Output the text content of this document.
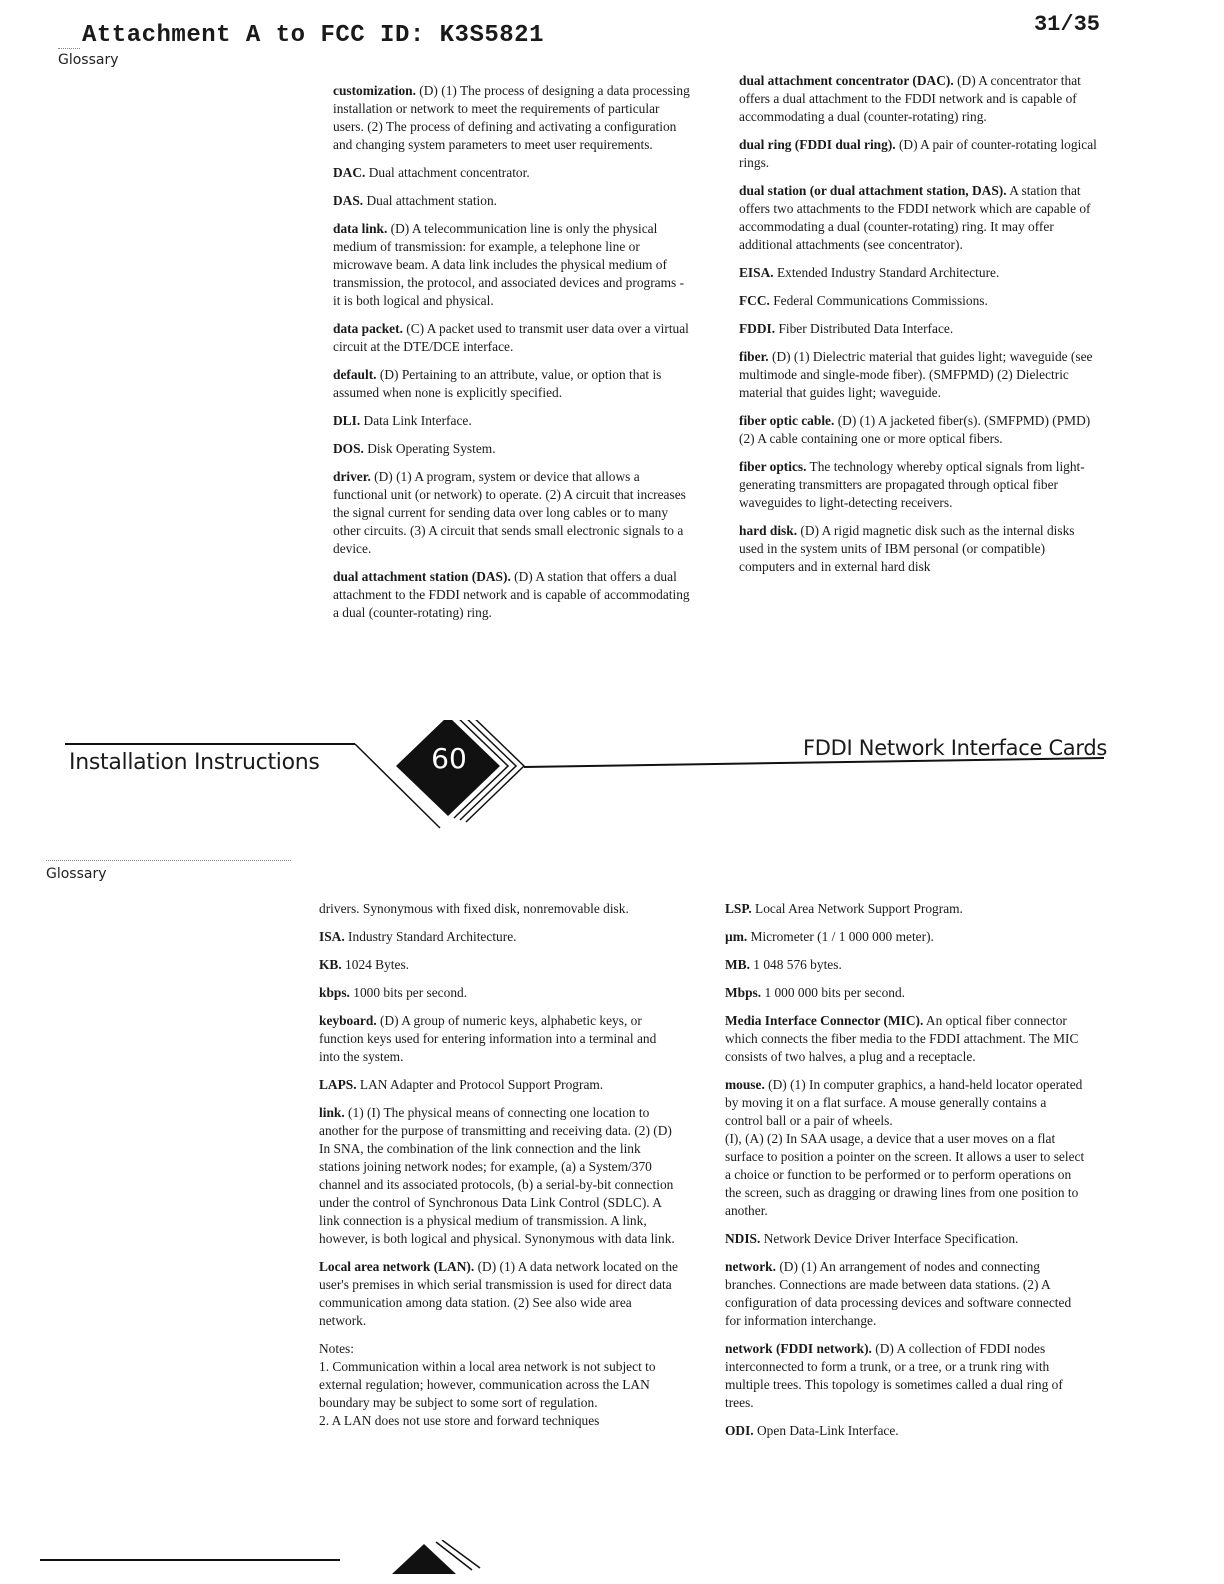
Attachment A to FCC ID: K3S5821	31/35
Glossary

customization. (D) (1) The process of designing a data processing installation or network to meet the requirements of particular users. (2) The process of defining and activating a configuration and changing system parameters to meet user requirements.

DAC. Dual attachment concentrator.

DAS. Dual attachment station.

data link. (D) A telecommunication line is only the physical medium of transmission: for example, a telephone line or microwave beam. A data link includes the physical medium of transmission, the protocol, and associated devices and programs - it is both logical and physical.

data packet. (C) A packet used to transmit user data over a virtual circuit at the DTE/DCE interface.

default. (D) Pertaining to an attribute, value, or option that is assumed when none is explicitly specified.

DLI. Data Link Interface.

DOS. Disk Operating System.

driver. (D) (1) A program, system or device that allows a functional unit (or network) to operate. (2) A circuit that increases the signal current for sending data over long cables or to many other circuits. (3) A circuit that sends small electronic signals to a device.

dual attachment station (DAS). (D) A station that offers a dual attachment to the FDDI network and is capable of accommodating a dual (counter-rotating) ring.

dual attachment concentrator (DAC). (D) A concentrator that offers a dual attachment to the FDDI network and is capable of accommodating a dual (counter-rotating) ring.

dual ring (FDDI dual ring). (D) A pair of counter-rotating logical rings.

dual station (or dual attachment station, DAS). A station that offers two attachments to the FDDI network which are capable of accommodating a dual (counter-rotating) ring. It may offer additional attachments (see concentrator).

EISA. Extended Industry Standard Architecture.

FCC. Federal Communications Commissions.

FDDI. Fiber Distributed Data Interface.

fiber. (D) (1) Dielectric material that guides light; waveguide (see multimode and single-mode fiber). (SMFPMD) (2) Dielectric material that guides light; waveguide.

fiber optic cable. (D) (1) A jacketed fiber(s). (SMFPMD) (PMD) (2) A cable containing one or more optical fibers.

fiber optics. The technology whereby optical signals from light-generating transmitters are propagated through optical fiber waveguides to light-detecting receivers.

hard disk. (D) A rigid magnetic disk such as the internal disks used in the system units of IBM personal (or compatible) computers and in external hard disk

60
Installation Instructions
FDDI Network Interface Cards
Glossary

drivers. Synonymous with fixed disk, nonremovable disk.

ISA. Industry Standard Architecture.

KB. 1024 Bytes.

kbps. 1000 bits per second.

keyboard. (D) A group of numeric keys, alphabetic keys, or function keys used for entering information into a terminal and into the system.

LAPS. LAN Adapter and Protocol Support Program.

link. (1) (I) The physical means of connecting one location to another for the purpose of transmitting and receiving data. (2) (D) In SNA, the combination of the link connection and the link stations joining network nodes; for example, (a) a System/370 channel and its associated protocols, (b) a serial-by-bit connection under the control of Synchronous Data Link Control (SDLC). A link connection is a physical medium of transmission. A link, however, is both logical and physical. Synonymous with data link.

Local area network (LAN). (D) (1) A data network located on the user's premises in which serial transmission is used for direct data communication among data station. (2) See also wide area network.

Notes:

1. Communication within a local area network is not subject to external regulation; however, communication across the LAN boundary may be subject to some sort of regulation.

2. A LAN does not use store and forward techniques

LSP. Local Area Network Support Program.

µm. Micrometer (1 / 1 000 000 meter).

MB. 1 048 576 bytes.

Mbps. 1 000 000 bits per second.

Media Interface Connector (MIC). An optical fiber connector which connects the fiber media to the FDDI attachment. The MIC consists of two halves, a plug and a receptacle.

mouse. (D) (1) In computer graphics, a hand-held locator operated by moving it on a flat surface. A mouse generally contains a control ball or a pair of wheels.
(I), (A) (2) In SAA usage, a device that a user moves on a flat surface to position a pointer on the screen. It allows a user to select a choice or function to be performed or to perform operations on the screen, such as dragging or drawing lines from one position to another.

NDIS. Network Device Driver Interface Specification.

network. (D) (1) An arrangement of nodes and connecting branches. Connections are made between data stations. (2) A configuration of data processing devices and software connected for information interchange.

network (FDDI network). (D) A collection of FDDI nodes interconnected to form a trunk, or a tree, or a trunk ring with multiple trees. This topology is sometimes called a dual ring of trees.

ODI. Open Data-Link Interface.
